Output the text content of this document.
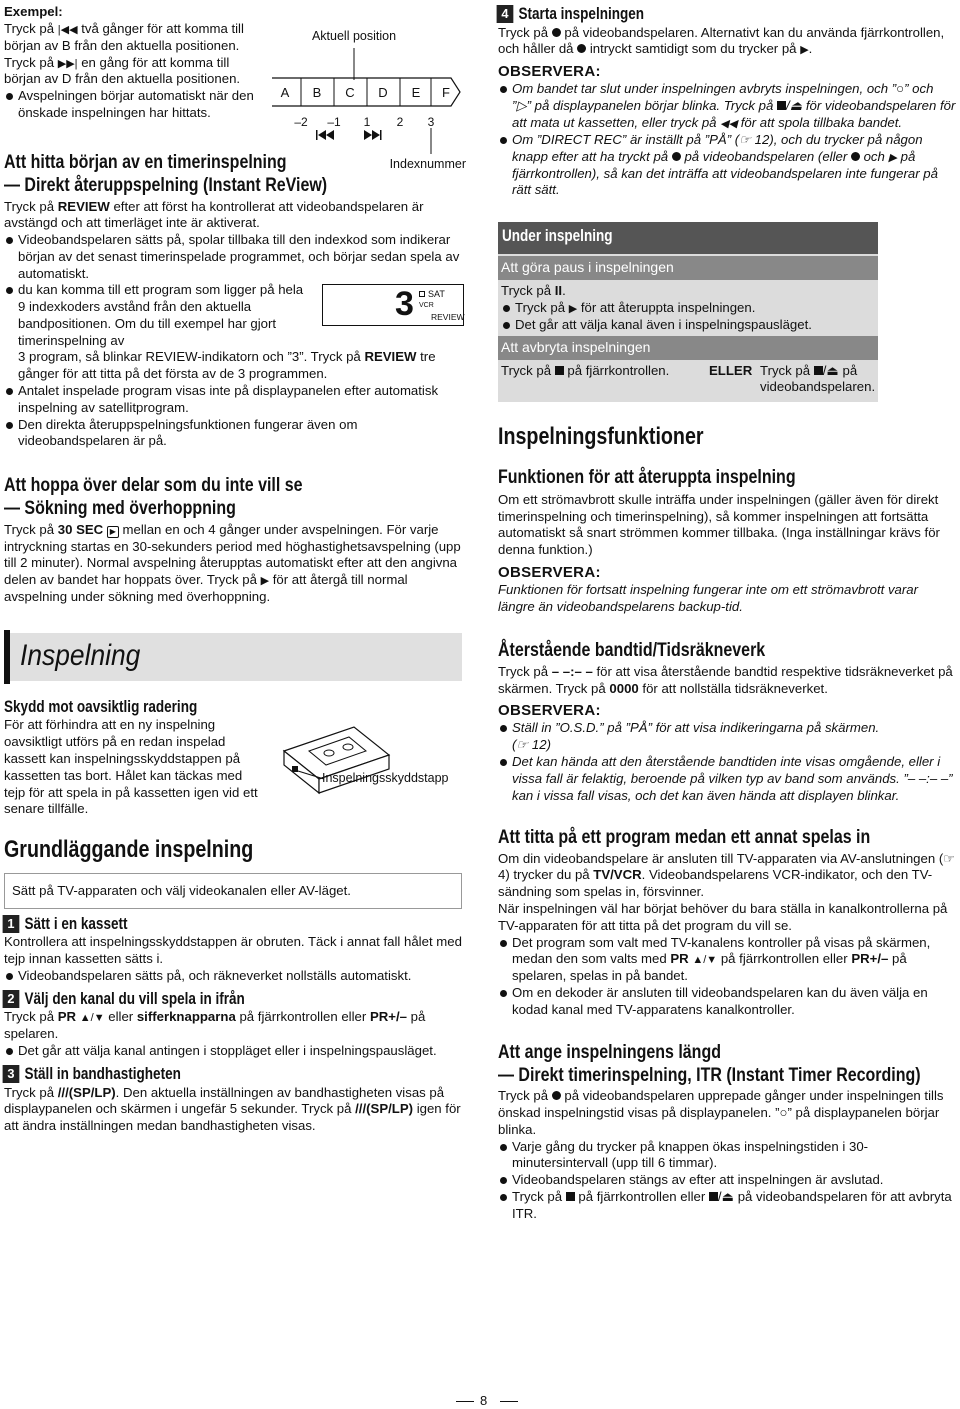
Exempel:

Tryck på |◀◀ två gånger för att komma till början av B från den aktuella positionen.

Tryck på ▶▶| en gång för att komma till början av D från den aktuella positionen.

Avspelningen börjar automatiskt när den önskade inspelningen har hittats.

Aktuell position
A B C D E F
–2 –1 1 2 3
Indexnummer

Att hitta början av en timerinspelning

— Direkt återuppspelning (Instant ReView)

Tryck på REVIEW efter att först ha kontrollerat att videobandspelaren är avstängd och att timerläget inte är aktiverat.

Videobandspelaren sätts på, spolar tillbaka till den indexkod som indikerar början av det senast timerinspelade programmet, och börjar sedan spela av automatiskt.

3	SAT
VCR
REVIEW

du kan komma till ett program som ligger på hela 9 indexkoders avstånd från den aktuella bandpositionen. Om du till exempel har gjort timerinspelning av

3 program, så blinkar REVIEW-indikatorn och ”3”. Tryck på REVIEW tre gånger för att titta på det första av de 3 programmen.

Antalet inspelade program visas inte på displaypanelen efter automatisk inspelning av satellitprogram.

Den direkta återuppspelningsfunktionen fungerar även om videobandspelaren är på.

Att hoppa över delar som du inte vill se

— Sökning med överhoppning

Tryck på 30 SEC ▶ mellan en och 4 gånger under avspelningen. För varje intryckning startas en 30-sekunders period med höghastighetsavspelning (upp till 2 minuter). Normal avspelning återupptas automatiskt efter att den angivna delen av bandet har hoppats över. Tryck på ▶ för att återgå till normal avspelning under sökning med överhoppning.

Inspelning

Skydd mot oavsiktlig radering

För att förhindra att en ny inspelning oavsiktligt utförs på en redan inspelad kassett kan inspelningsskyddstappen på kassetten tas bort. Hålet kan täckas med tejp för att spela in på kassetten igen vid ett senare tillfälle.

Inspelningsskyddstapp

Grundläggande inspelning

Sätt på TV-apparaten och välj videokanalen eller AV-läget.

1 Sätt i en kassett

Kontrollera att inspelningsskyddstappen är obruten. Täck i annat fall hålet med tejp innan kassetten sätts i.

Videobandspelaren sätts på, och räkneverket nollställs automatiskt.

2 Välj den kanal du vill spela in ifrån

Tryck på PR ▲/▼ eller sifferknapparna på fjärrkontrollen eller PR+/– på spelaren.

Det går att välja kanal antingen i stoppläget eller i inspelningspausläget.

3 Ställ in bandhastigheten

Tryck på ///(SP/LP). Den aktuella inställningen av bandhastigheten visas på displaypanelen och skärmen i ungefär 5 sekunder. Tryck på ///(SP/LP) igen för att ändra inställningen medan bandhastigheten visas.

4 Starta inspelningen

Tryck på  på videobandspelaren. Alternativt kan du använda fjärrkontrollen, och håller då  intryckt samtidigt som du trycker på ▶.

OBSERVERA:

Om bandet tar slut under inspelningen avbryts inspelningen, och ”○” och ”▷” på displaypanelen börjar blinka. Tryck på /⏏ för videobandspelaren för att mata ut kassetten, eller tryck på ◀◀ för att spola tillbaka bandet.

Om ”DIRECT REC” är inställt på ”PÅ” (☞ 12), och du trycker på någon knapp efter att ha tryckt på  på videobandspelaren (eller  och ▶ på fjärrkontrollen), så kan det inträffa att videobandspelaren inte fungerar på rätt sätt.

Under inspelning

Att göra paus i inspelningen

Tryck på II.

Tryck på ▶ för att återuppta inspelningen.

Det går att välja kanal även i inspelningspausläget.

Att avbryta inspelningen

Tryck på  på fjärrkontrollen.	ELLER Tryck på /⏏ på videobandspelaren.

Inspelningsfunktioner

Funktionen för att återuppta inspelning

Om ett strömavbrott skulle inträffa under inspelningen (gäller även för direkt timerinspelning och timerinspelning), så kommer inspelningen att fortsätta automatiskt så snart strömmen kommer tillbaka. (Inga inställningar krävs för denna funktion.)

OBSERVERA:

Funktionen för fortsatt inspelning fungerar inte om ett strömavbrott varar längre än videobandspelarens backup-tid.

Återstående bandtid/Tidsräkneverk

Tryck på – –:– – för att visa återstående bandtid respektive tidsräkneverket på skärmen. Tryck på 0000 för att nollställa tidsräkneverket.

OBSERVERA:

Ställ in ”O.S.D.” på ”PÅ” för att visa indikeringarna på skärmen.
(☞ 12)

Det kan hända att den återstående bandtiden inte visas omgående, eller i vissa fall är felaktig, beroende på vilken typ av band som används. ”– –:– –” kan i vissa fall visas, och det kan även hända att displayen blinkar.

Att titta på ett program medan ett annat spelas in

Om din videobandspelare är ansluten till TV-apparaten via AV-anslutningen (☞ 4) trycker du på TV/VCR. Videobandspelarens VCR-indikator, och den TV-sändning som spelas in, försvinner.

När inspelningen väl har börjat behöver du bara ställa in kanalkontrollerna på TV-apparaten för att titta på det program du vill se.

Det program som valt med TV-kanalens kontroller på visas på skärmen, medan den som valts med PR ▲/▼ på fjärrkontrollen eller PR+/– på spelaren, spelas in på bandet.

Om en dekoder är ansluten till videobandspelaren kan du även välja en kodad kanal med TV-apparatens kanalkontroller.

Att ange inspelningens längd

— Direkt timerinspelning, ITR (Instant Timer Recording)

Tryck på  på videobandspelaren upprepade gånger under inspelningen tills önskad inspelningstid visas på displaypanelen. ”○” på displaypanelen börjar blinka.

Varje gång du trycker på knappen ökas inspelningstiden i 30-minutersintervall (upp till 6 timmar).

Videobandspelaren stängs av efter att inspelningen är avslutad.

Tryck på  på fjärrkontrollen eller /⏏ på videobandspelaren för att avbryta ITR.

8
